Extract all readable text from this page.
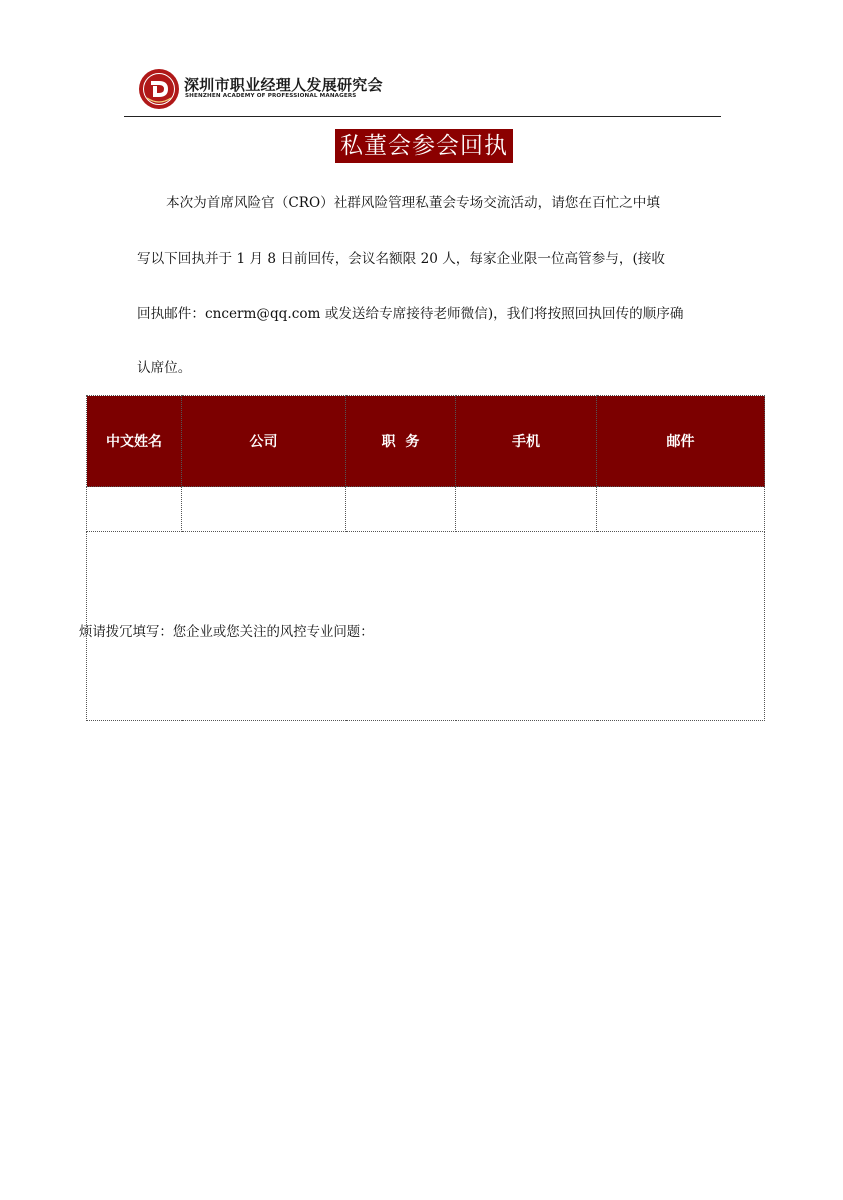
深圳市职业经理人发展研究会
SHENZHEN ACADEMY OF PROFESSIONAL MANAGERS
私董会参会回执
本次为首席风险官（CRO）社群风险管理私董会专场交流活动，请您在百忙之中填
写以下回执并于 1 月 8 日前回传，会议名额限 20 人，每家企业限一位高管参与，(接收
回执邮件：cncerm@qq.com 或发送给专席接待老师微信)，我们将按照回执回传的顺序确
认席位。
中文姓名	公司	职  务	手机	邮件

烦请拨冗填写：您企业或您关注的风控专业问题：				
